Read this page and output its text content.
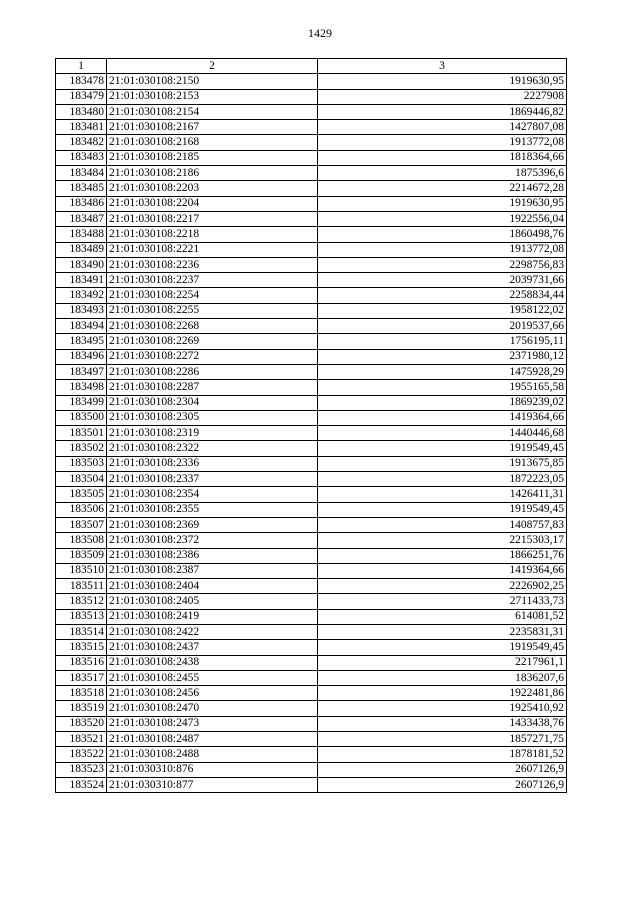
1429
1	2	3
183478	21:01:030108:2150	1919630,95
183479	21:01:030108:2153	2227908
183480	21:01:030108:2154	1869446,82
183481	21:01:030108:2167	1427807,08
183482	21:01:030108:2168	1913772,08
183483	21:01:030108:2185	1818364,66
183484	21:01:030108:2186	1875396,6
183485	21:01:030108:2203	2214672,28
183486	21:01:030108:2204	1919630,95
183487	21:01:030108:2217	1922556,04
183488	21:01:030108:2218	1860498,76
183489	21:01:030108:2221	1913772,08
183490	21:01:030108:2236	2298756,83
183491	21:01:030108:2237	2039731,66
183492	21:01:030108:2254	2258834,44
183493	21:01:030108:2255	1958122,02
183494	21:01:030108:2268	2019537,66
183495	21:01:030108:2269	1756195,11
183496	21:01:030108:2272	2371980,12
183497	21:01:030108:2286	1475928,29
183498	21:01:030108:2287	1955165,58
183499	21:01:030108:2304	1869239,02
183500	21:01:030108:2305	1419364,66
183501	21:01:030108:2319	1440446,68
183502	21:01:030108:2322	1919549,45
183503	21:01:030108:2336	1913675,85
183504	21:01:030108:2337	1872223,05
183505	21:01:030108:2354	1426411,31
183506	21:01:030108:2355	1919549,45
183507	21:01:030108:2369	1408757,83
183508	21:01:030108:2372	2215303,17
183509	21:01:030108:2386	1866251,76
183510	21:01:030108:2387	1419364,66
183511	21:01:030108:2404	2226902,25
183512	21:01:030108:2405	2711433,73
183513	21:01:030108:2419	614081,52
183514	21:01:030108:2422	2235831,31
183515	21:01:030108:2437	1919549,45
183516	21:01:030108:2438	2217961,1
183517	21:01:030108:2455	1836207,6
183518	21:01:030108:2456	1922481,86
183519	21:01:030108:2470	1925410,92
183520	21:01:030108:2473	1433438,76
183521	21:01:030108:2487	1857271,75
183522	21:01:030108:2488	1878181,52
183523	21:01:030310:876	2607126,9
183524	21:01:030310:877	2607126,9
